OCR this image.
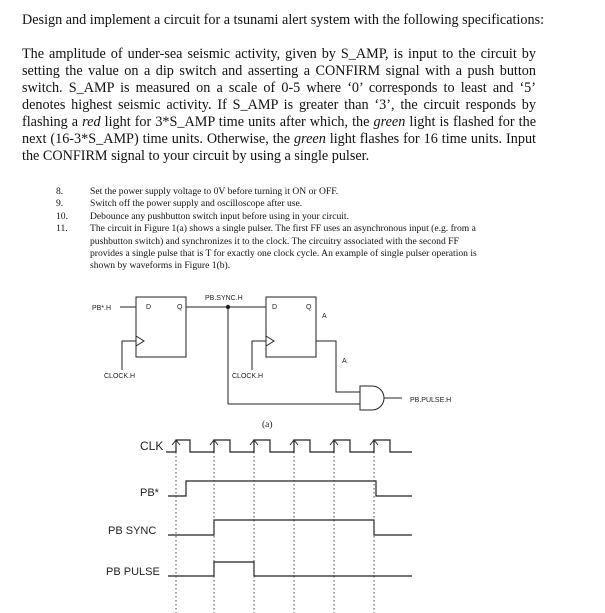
Design and implement a circuit for a tsunami alert system with the following specifications:
The amplitude of under-sea seismic activity, given by S_AMP, is input to the circuit by setting the value on a dip switch and asserting a CONFIRM signal with a push button switch. S_AMP is measured on a scale of 0-5 where ‘0’ corresponds to least and ‘5’ denotes highest seismic activity. If S_AMP is greater than ‘3’, the circuit responds by flashing a red light for 3*S_AMP time units after which, the green light is flashed for the next (16-3*S_AMP) time units. Otherwise, the green light flashes for 16 time units. Input the CONFIRM signal to your circuit by using a single pulser.
8.	Set the power supply voltage to 0V before turning it ON or OFF.
9.	Switch off the power supply and oscilloscope after use.
10. Debounce any pushbutton switch input before using in your circuit.
11. The circuit in Figure 1(a) shows a single pulser. The first FF uses an asynchronous input (e.g. from a pushbutton switch) and synchronizes it to the clock. The circuitry associated with the second FF provides a single pulse that is T for exactly one clock cycle. An example of single pulser operation is shown by waveforms in Figure 1(b).
PB*.H	D	Q
PB.SYNC.H
D	Q
A
A
CLOCK.H	CLOCK.H
PB.PULSE.H
(a)
CLK
PB*
PB SYNC
PB PULSE
